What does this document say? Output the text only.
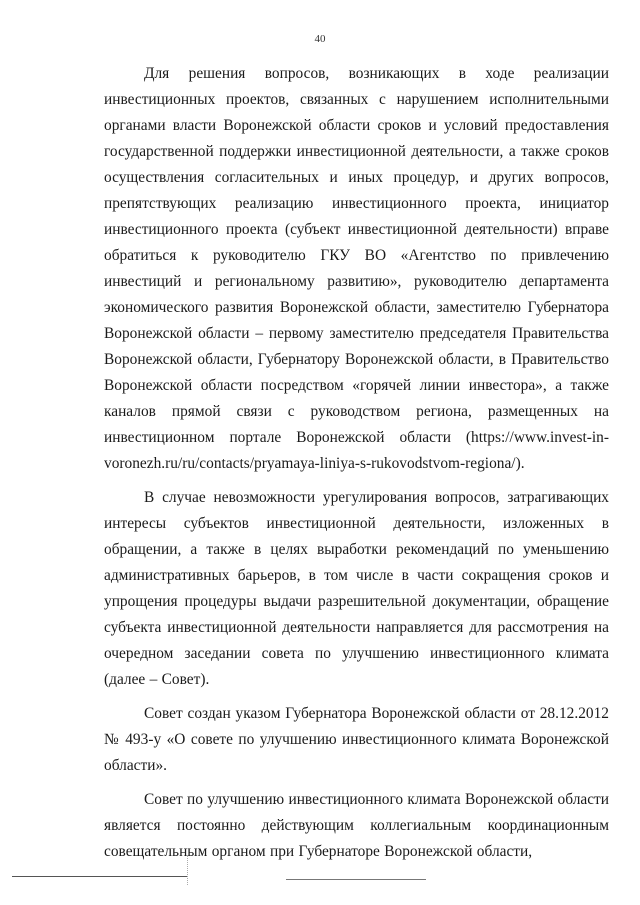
40

Для решения вопросов, возникающих в ходе реализации инвестиционных проектов, связанных с нарушением исполнительными органами власти Воронежской области сроков и условий предоставления государственной поддержки инвестиционной деятельности, а также сроков осуществления согласительных и иных процедур, и других вопросов, препятствующих реализацию инвестиционного проекта, инициатор инвестиционного проекта (субъект инвестиционной деятельности) вправе обратиться к руководителю ГКУ ВО «Агентство по привлечению инвестиций и региональному развитию», руководителю департамента экономического развития Воронежской области, заместителю Губернатора Воронежской области – первому заместителю председателя Правительства Воронежской области, Губернатору Воронежской области, в Правительство Воронежской области посредством «горячей линии инвестора», а также каналов прямой связи с руководством региона, размещенных на инвестиционном портале Воронежской области (https://www.invest-in-voronezh.ru/ru/contacts/pryamaya-liniya-s-rukovodstvom-regiona/).

В случае невозможности урегулирования вопросов, затрагивающих интересы субъектов инвестиционной деятельности, изложенных в обращении, а также в целях выработки рекомендаций по уменьшению административных барьеров, в том числе в части сокращения сроков и упрощения процедуры выдачи разрешительной документации, обращение субъекта инвестиционной деятельности направляется для рассмотрения на очередном заседании совета по улучшению инвестиционного климата (далее – Совет).

Совет создан указом Губернатора Воронежской области от 28.12.2012 № 493-у «О совете по улучшению инвестиционного климата Воронежской области».

Совет по улучшению инвестиционного климата Воронежской области является постоянно действующим коллегиальным координационным совещательным органом при Губернаторе Воронежской области,
